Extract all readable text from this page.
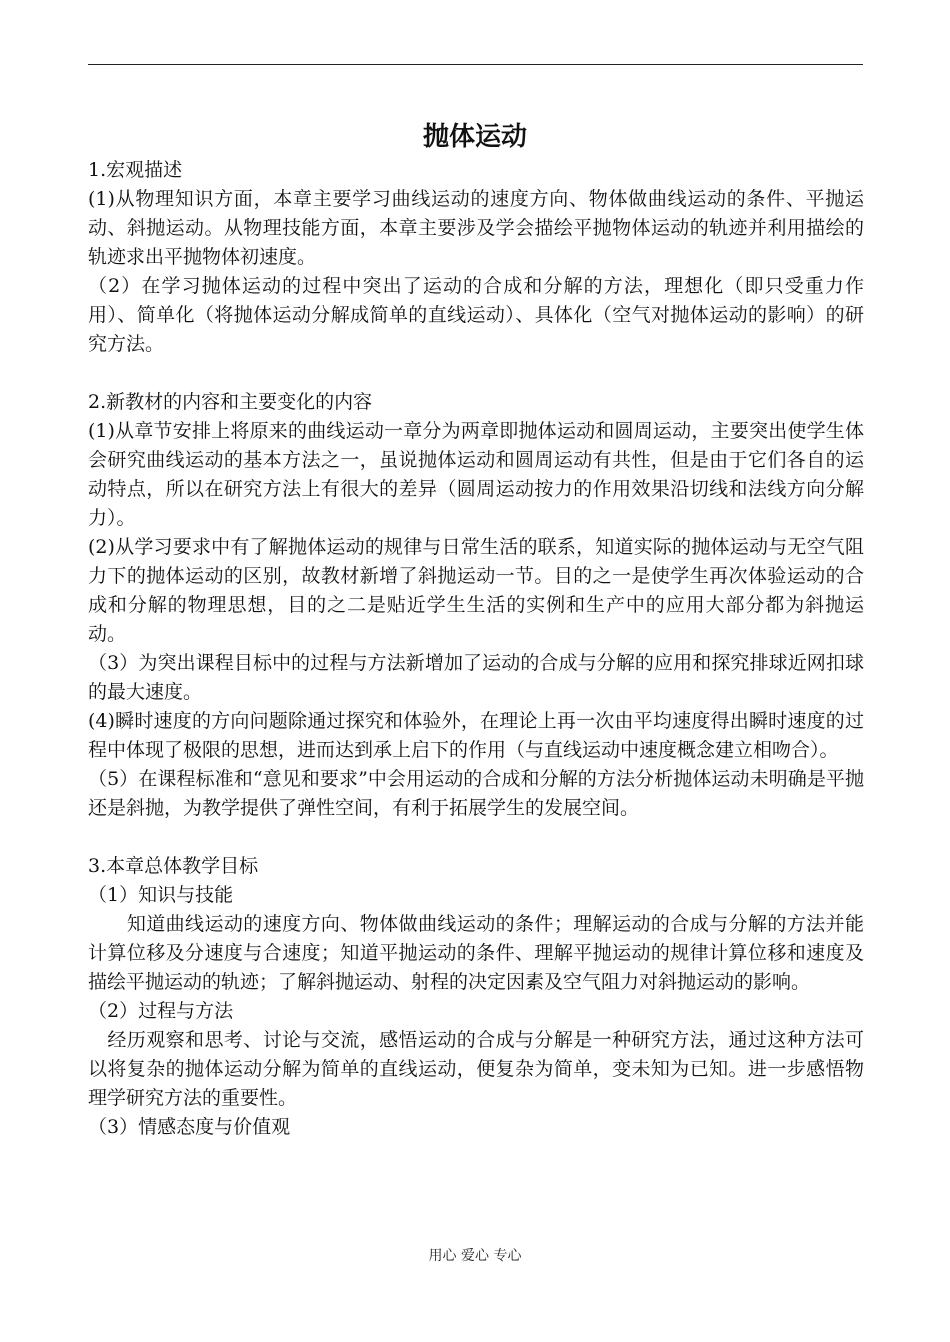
抛体运动

1.宏观描述

(1)从物理知识方面，本章主要学习曲线运动的速度方向、物体做曲线运动的条件、平抛运动、斜抛运动。从物理技能方面，本章主要涉及学会描绘平抛物体运动的轨迹并利用描绘的轨迹求出平抛物体初速度。

（2）在学习抛体运动的过程中突出了运动的合成和分解的方法，理想化（即只受重力作用）、简单化（将抛体运动分解成简单的直线运动）、具体化（空气对抛体运动的影响）的研究方法。

2.新教材的内容和主要变化的内容

(1)从章节安排上将原来的曲线运动一章分为两章即抛体运动和圆周运动，主要突出使学生体会研究曲线运动的基本方法之一，虽说抛体运动和圆周运动有共性，但是由于它们各自的运动特点，所以在研究方法上有很大的差异（圆周运动按力的作用效果沿切线和法线方向分解力）。

(2)从学习要求中有了解抛体运动的规律与日常生活的联系，知道实际的抛体运动与无空气阻力下的抛体运动的区别，故教材新增了斜抛运动一节。目的之一是使学生再次体验运动的合成和分解的物理思想，目的之二是贴近学生生活的实例和生产中的应用大部分都为斜抛运动。

（3）为突出课程目标中的过程与方法新增加了运动的合成与分解的应用和探究排球近网扣球的最大速度。

(4)瞬时速度的方向问题除通过探究和体验外，在理论上再一次由平均速度得出瞬时速度的过程中体现了极限的思想，进而达到承上启下的作用（与直线运动中速度概念建立相吻合）。

（5）在课程标准和“意见和要求”中会用运动的合成和分解的方法分析抛体运动未明确是平抛还是斜抛，为教学提供了弹性空间，有利于拓展学生的发展空间。

3.本章总体教学目标

（1）知识与技能

　　知道曲线运动的速度方向、物体做曲线运动的条件；理解运动的合成与分解的方法并能计算位移及分速度与合速度；知道平抛运动的条件、理解平抛运动的规律计算位移和速度及描绘平抛运动的轨迹；了解斜抛运动、射程的决定因素及空气阻力对斜抛运动的影响。

（2）过程与方法

　经历观察和思考、讨论与交流，感悟运动的合成与分解是一种研究方法，通过这种方法可以将复杂的抛体运动分解为简单的直线运动，便复杂为简单，变未知为已知。进一步感悟物理学研究方法的重要性。

（3）情感态度与价值观

用心 爱心 专心
